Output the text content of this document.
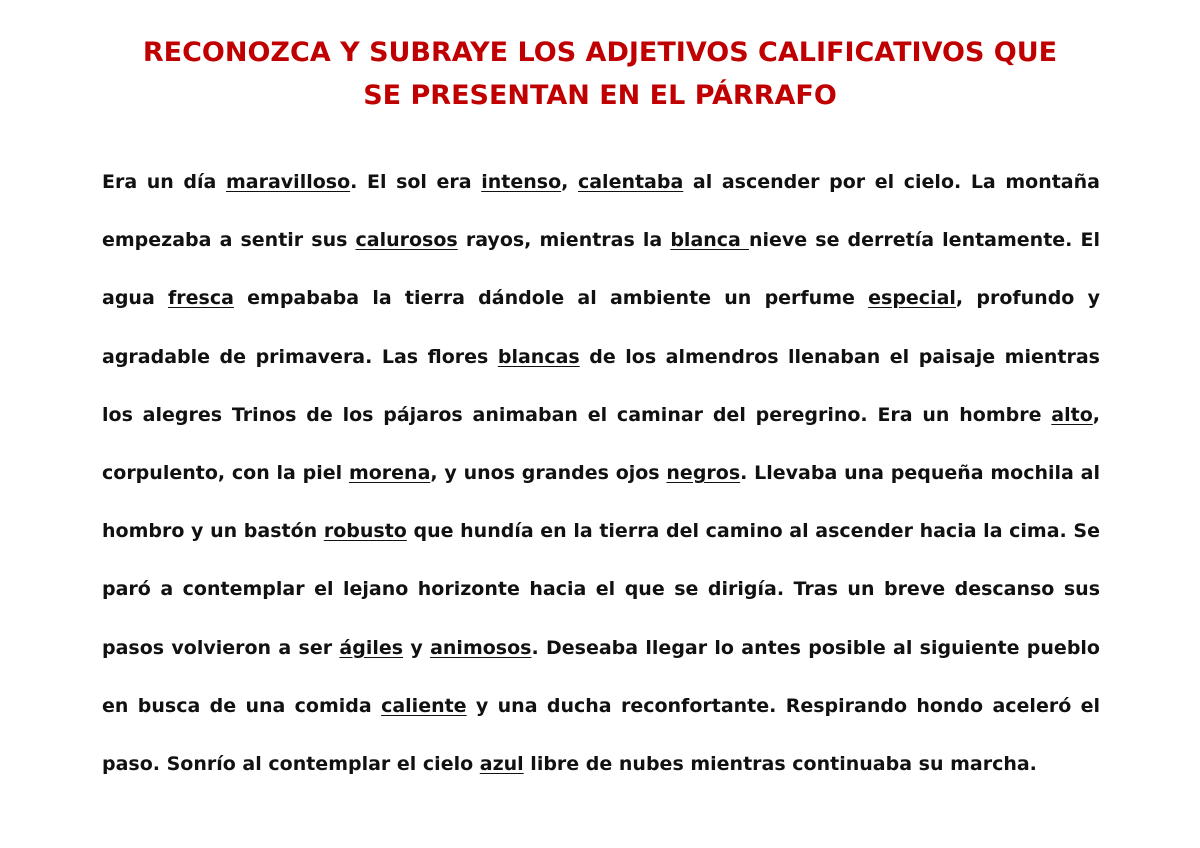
RECONOZCA Y SUBRAYE LOS ADJETIVOS CALIFICATIVOS QUE
SE PRESENTAN EN EL PÁRRAFO

Era un día maravilloso. El sol era intenso, calentaba al ascender por el cielo. La montaña empezaba a sentir sus calurosos rayos, mientras la blanca nieve se derretía lentamente. El agua fresca empababa la tierra dándole al ambiente un perfume especial, profundo y agradable de primavera. Las flores blancas de los almendros llenaban el paisaje mientras los alegres Trinos de los pájaros animaban el caminar del peregrino. Era un hombre alto, corpulento, con la piel morena, y unos grandes ojos negros. Llevaba una pequeña mochila al hombro y un bastón robusto que hundía en la tierra del camino al ascender hacia la cima. Se paró a contemplar el lejano horizonte hacia el que se dirigía. Tras un breve descanso sus pasos volvieron a ser ágiles y animosos. Deseaba llegar lo antes posible al siguiente pueblo en busca de una comida caliente y una ducha reconfortante. Respirando hondo aceleró el paso. Sonrío al contemplar el cielo azul libre de nubes mientras continuaba su marcha.
